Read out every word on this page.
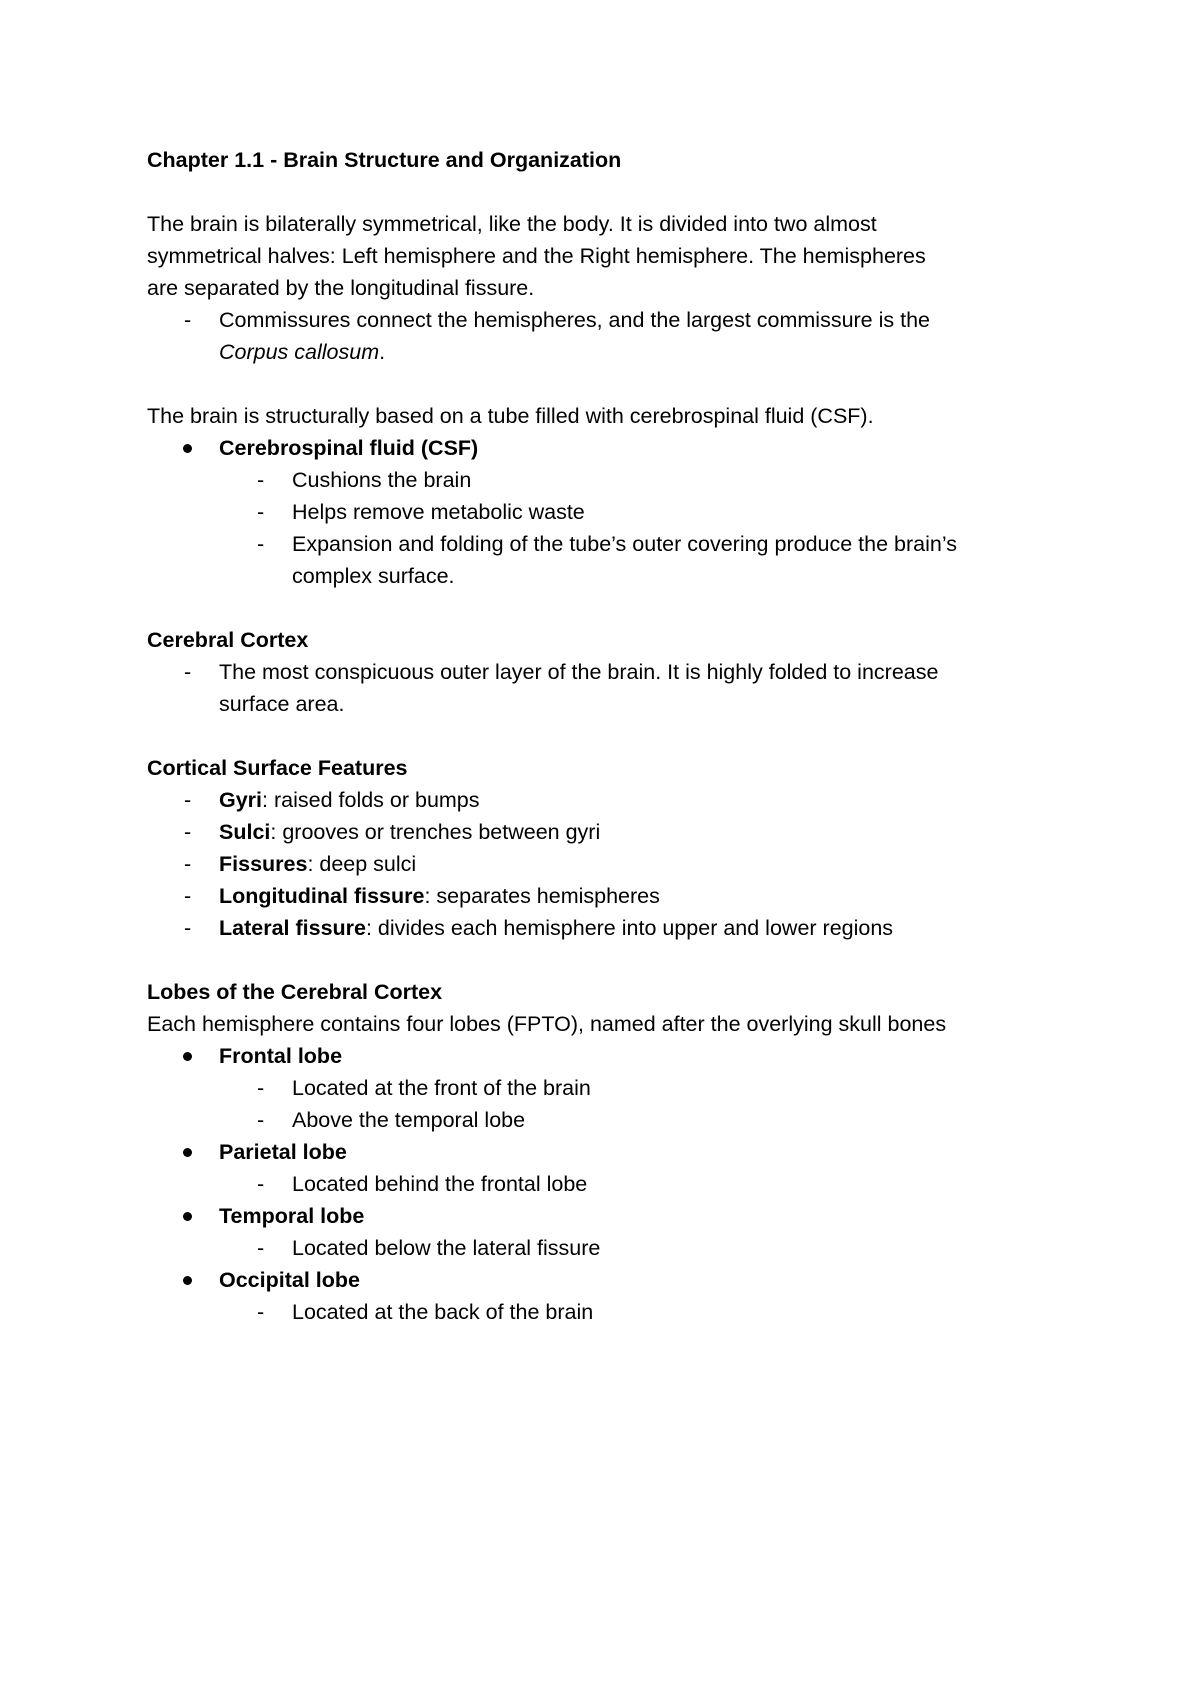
Chapter 1.1 - Brain Structure and Organization

The brain is bilaterally symmetrical, like the body. It is divided into two almost

symmetrical halves: Left hemisphere and the Right hemisphere. The hemispheres

are separated by the longitudinal fissure.

- Commissures connect the hemispheres, and the largest commissure is the

Corpus callosum.

The brain is structurally based on a tube filled with cerebrospinal fluid (CSF).

Cerebrospinal fluid (CSF)

- Cushions the brain

- Helps remove metabolic waste

- Expansion and folding of the tube’s outer covering produce the brain’s

complex surface.

Cerebral Cortex

- The most conspicuous outer layer of the brain. It is highly folded to increase

surface area.

Cortical Surface Features

- Gyri: raised folds or bumps

- Sulci: grooves or trenches between gyri

- Fissures: deep sulci

- Longitudinal fissure: separates hemispheres

- Lateral fissure: divides each hemisphere into upper and lower regions

Lobes of the Cerebral Cortex

Each hemisphere contains four lobes (FPTO), named after the overlying skull bones

Frontal lobe

- Located at the front of the brain

- Above the temporal lobe

Parietal lobe

- Located behind the frontal lobe

Temporal lobe

- Located below the lateral fissure

Occipital lobe

- Located at the back of the brain
